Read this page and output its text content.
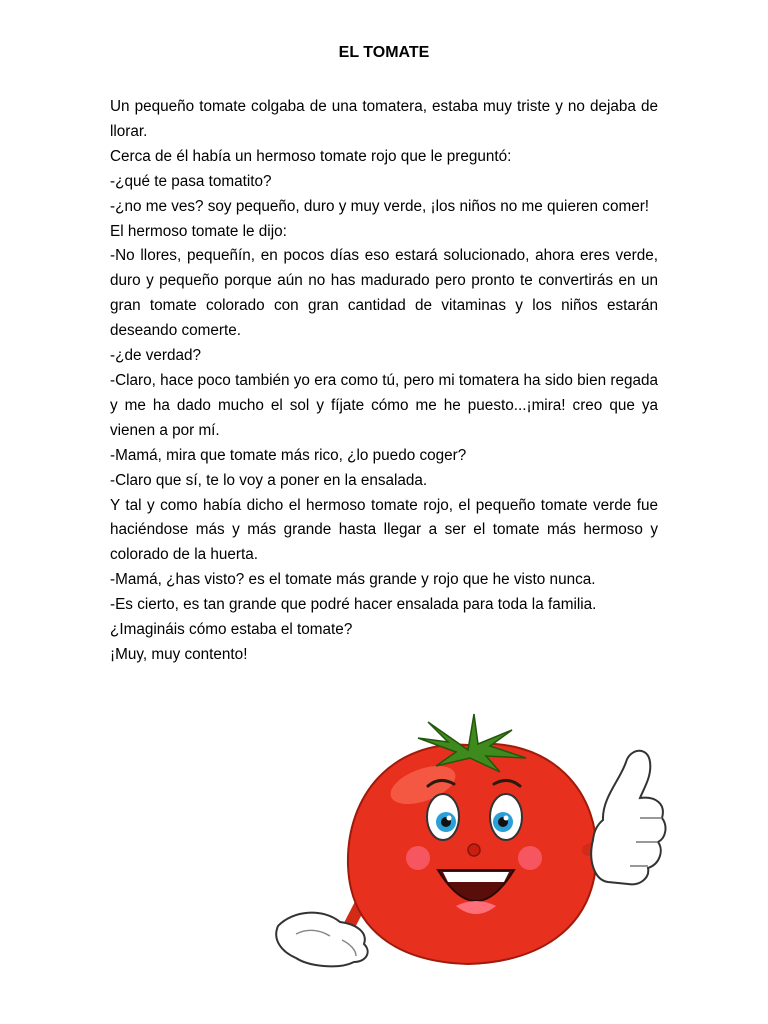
EL TOMATE

Un pequeño tomate colgaba de una tomatera, estaba muy triste y no dejaba de llorar.

Cerca de él había un hermoso tomate rojo que le preguntó:

-¿qué te pasa tomatito?

-¿no me ves? soy pequeño, duro y muy verde, ¡los niños no me quieren comer!

El hermoso tomate le dijo:

-No llores, pequeñín, en pocos días eso estará solucionado, ahora eres verde, duro y pequeño porque aún no has madurado pero pronto te convertirás en un gran tomate colorado con gran cantidad de vitaminas y los niños estarán deseando comerte.

-¿de verdad?

-Claro, hace poco también yo era como tú, pero mi tomatera ha sido bien regada y me ha dado mucho el sol y fíjate cómo me he puesto...¡mira! creo que ya vienen a por mí.

-Mamá, mira que tomate más rico, ¿lo puedo coger?

-Claro que sí, te lo voy a poner en la ensalada.

Y tal y como había dicho el hermoso tomate rojo, el pequeño tomate verde fue haciéndose más y más grande hasta llegar a ser el tomate más hermoso y colorado de la huerta.

-Mamá, ¿has visto? es el tomate más grande y rojo que he visto nunca.

-Es cierto, es tan grande que podré hacer ensalada para toda la familia.

¿Imagináis cómo estaba el tomate?

¡Muy, muy contento!
